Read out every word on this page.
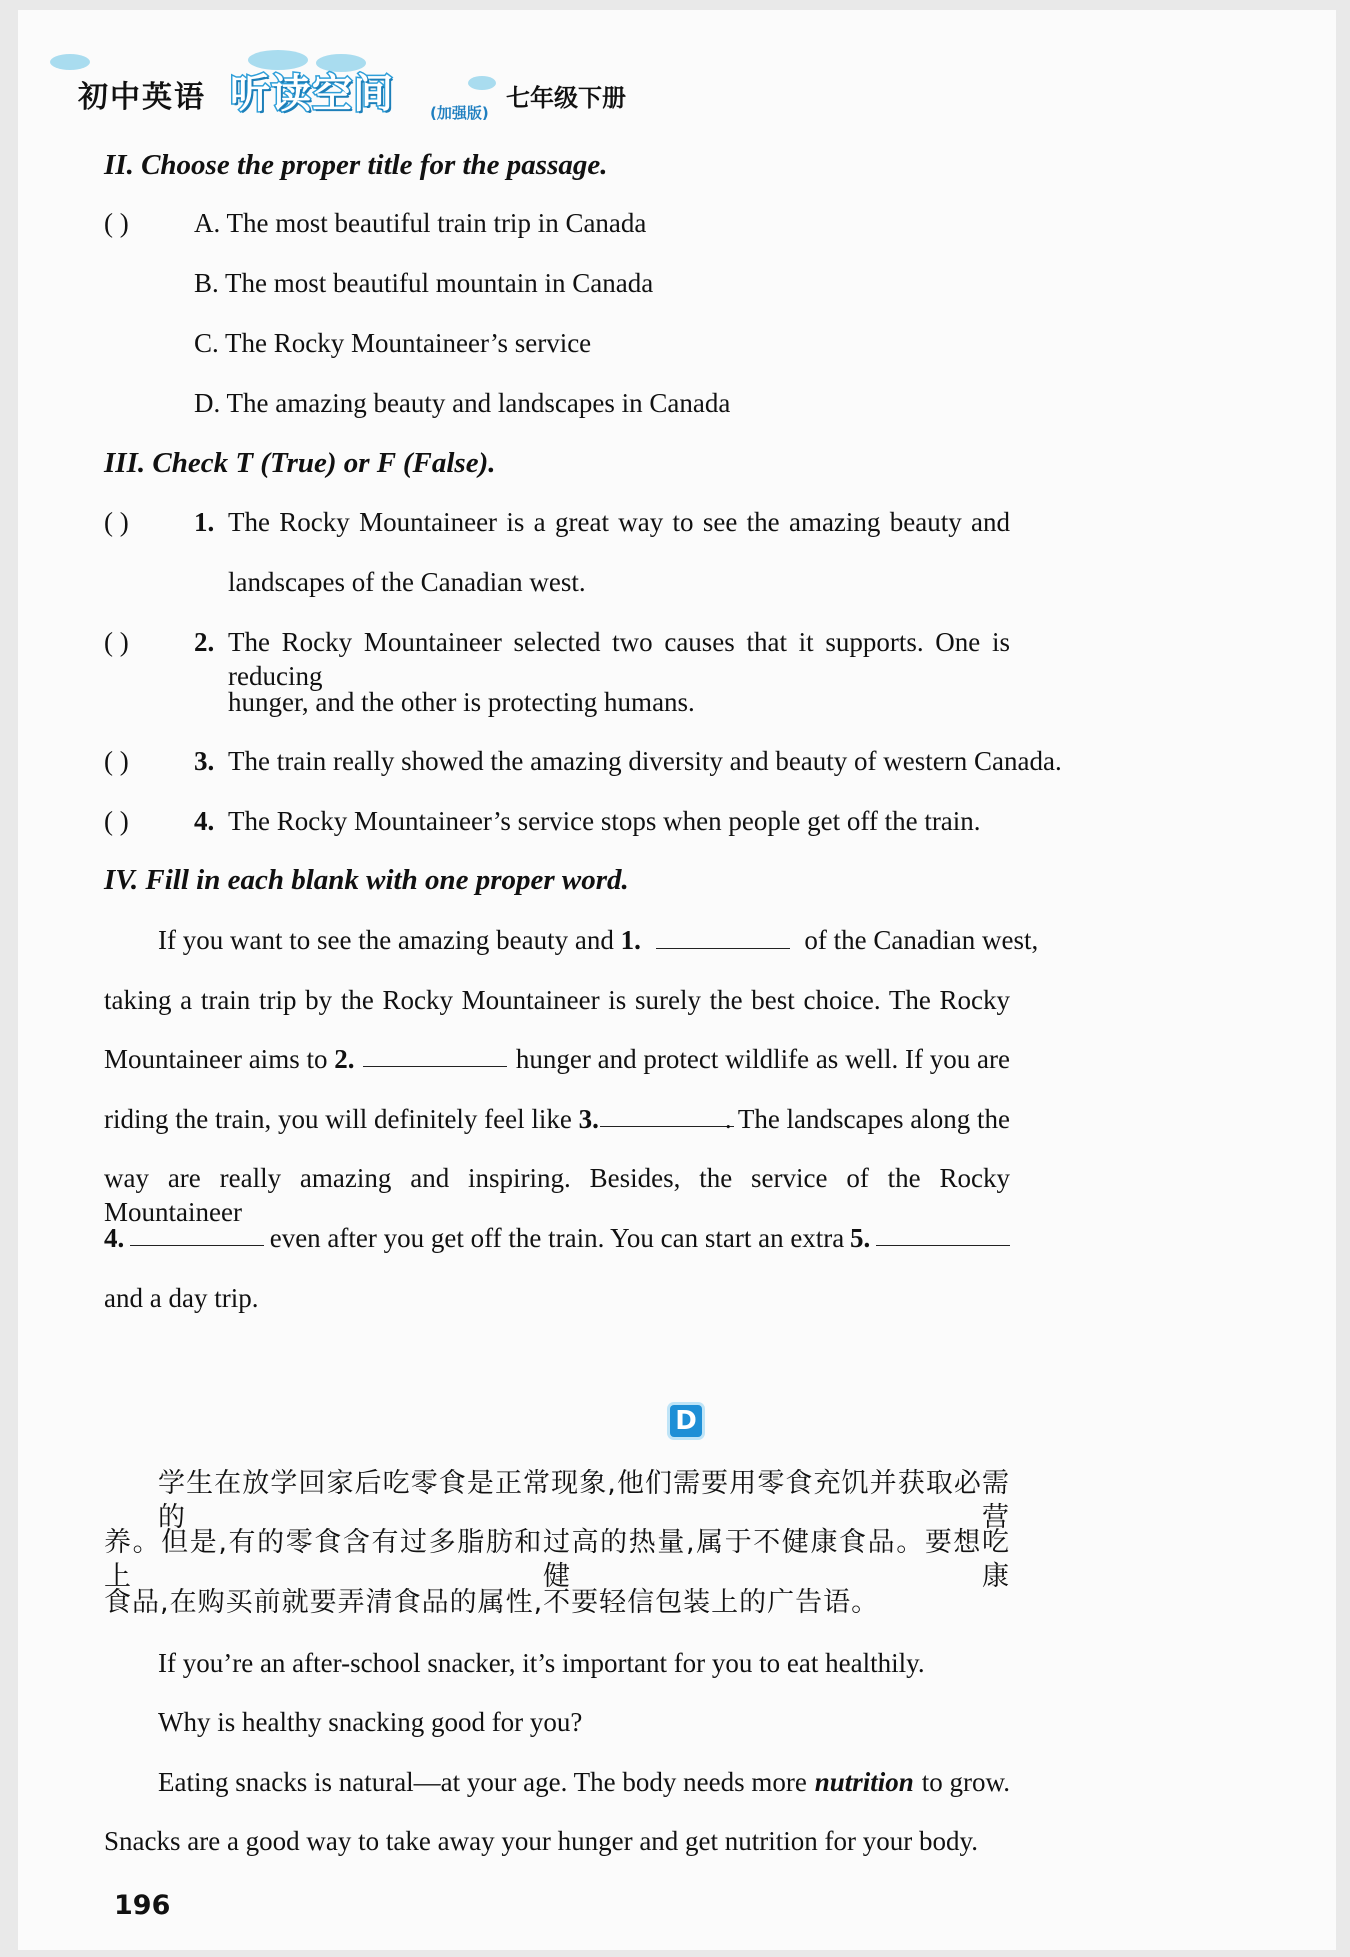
初中英语 听读空间 (加强版)
七年级下册
II. Choose the proper title for the passage.
( ) A. The most beautiful train trip in Canada
B. The most beautiful mountain in Canada
C. The Rocky Mountaineer’s service
D. The amazing beauty and landscapes in Canada
III. Check T (True) or F (False).
( ) 1. The Rocky Mountaineer is a great way to see the amazing beauty and
landscapes of the Canadian west.
( ) 2. The Rocky Mountaineer selected two causes that it supports. One is reducing
hunger, and the other is protecting humans.
( ) 3. The train really showed the amazing diversity and beauty of western Canada.
( ) 4. The Rocky Mountaineer’s service stops when people get off the train.
IV. Fill in each blank with one proper word.
If you want to see the amazing beauty and 1.	of the Canadian west,
taking a train trip by the Rocky Mountaineer is surely the best choice. The Rocky
Mountaineer aims to 2.	hunger and protect wildlife as well. If you are
riding the train, you will definitely feel like 3.	. The landscapes along the
way are really amazing and inspiring. Besides, the service of the Rocky Mountaineer
4.	even after you get off the train. You can start an extra 5.
and a day trip.
D
学生在放学回家后吃零食是正常现象,他们需要用零食充饥并获取必需的营
养。但是,有的零食含有过多脂肪和过高的热量,属于不健康食品。要想吃上健康
食品,在购买前就要弄清食品的属性,不要轻信包装上的广告语。
If you’re an after-school snacker, it’s important for you to eat healthily.
Why is healthy snacking good for you?
Eating snacks is natural—at your age. The body needs more nutrition to grow.
Snacks are a good way to take away your hunger and get nutrition for your body.
196
